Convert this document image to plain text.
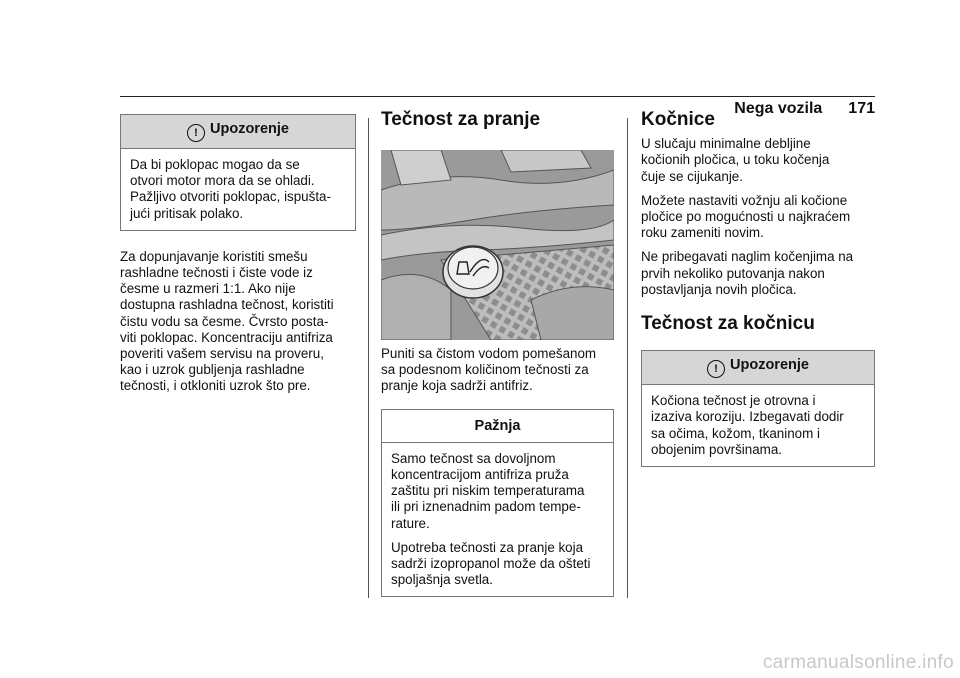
Nega vozila 171
! Upozorenje
Da bi poklopac mogao da se
otvori motor mora da se ohladi.
Pažljivo otvoriti poklopac, ispušta-
jući pritisak polako.
Za dopunjavanje koristiti smešu
rashladne tečnosti i čiste vode iz
česme u razmeri 1:1. Ako nije
dostupna rashladna tečnost, koristiti
čistu vodu sa česme. Čvrsto posta-
viti poklopac. Koncentraciju antifriza
poveriti vašem servisu na proveru,
kao i uzrok gubljenja rashladne
tečnosti, i otkloniti uzrok što pre.
Tečnost za pranje
Puniti sa čistom vodom pomešanom
sa podesnom količinom tečnosti za
pranje koja sadrži antifriz.
Pažnja

Samo tečnost sa dovoljnom
koncentracijom antifriza pruža
zaštitu pri niskim temperaturama
ili pri iznenadnim padom tempe-
rature.

Upotreba tečnosti za pranje koja
sadrži izopropanol može da ošteti
spoljašnja svetla.

Kočnice

U slučaju minimalne debljine
kočionih pločica, u toku kočenja
čuje se cijukanje.

Možete nastaviti vožnju ali kočione
pločice po mogućnosti u najkraćem
roku zameniti novim.

Ne pribegavati naglim kočenjima na
prvih nekoliko putovanja nakon
postavljanja novih pločica.

Tečnost za kočnicu
! Upozorenje
Kočiona tečnost je otrovna i
izaziva koroziju. Izbegavati dodir
sa očima, kožom, tkaninom i
obojenim površinama.
carmanualsonline.info
